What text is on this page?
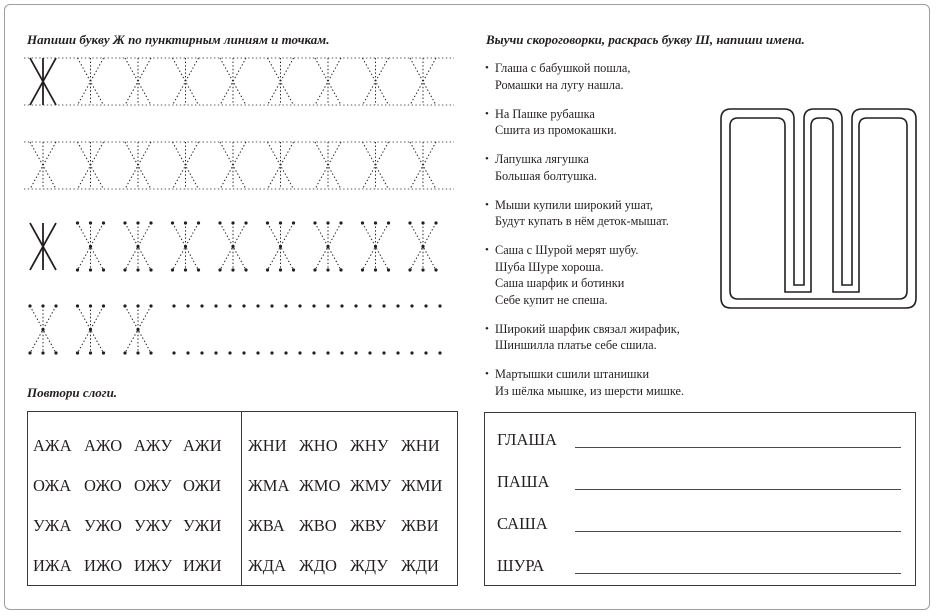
Напиши букву Ж по пунктирным линиям и точкам.
Повтори слоги.
АЖА АЖО АЖУ АЖИ
ОЖА ОЖО ОЖУ ОЖИ
УЖА УЖО УЖУ УЖИ
ИЖА ИЖО ИЖУ ИЖИ
ЖНИ ЖНО ЖНУ ЖНИ
ЖМА ЖМО ЖМУ ЖМИ
ЖВА ЖВО ЖВУ ЖВИ
ЖДА ЖДО ЖДУ ЖДИ
Выучи скороговорки, раскрась букву Ш, напиши имена.
• Глаша с бабушкой пошла,
Ромашки на лугу нашла.
• На Пашке рубашка
Сшита из промокашки.
• Лапушка лягушка
Большая болтушка.
• Мыши купили широкий ушат,
Будут купать в нём деток-мышат.
• Саша с Шурой мерят шубу.
Шуба Шуре хороша.
Саша шарфик и ботинки
Себе купит не спеша.
• Широкий шарфик связал жирафик,
Шиншилла платье себе сшила.
• Мартышки сшили штанишки
Из шёлка мышке, из шерсти мишке.
ГЛАША
ПАША
САША
ШУРА
